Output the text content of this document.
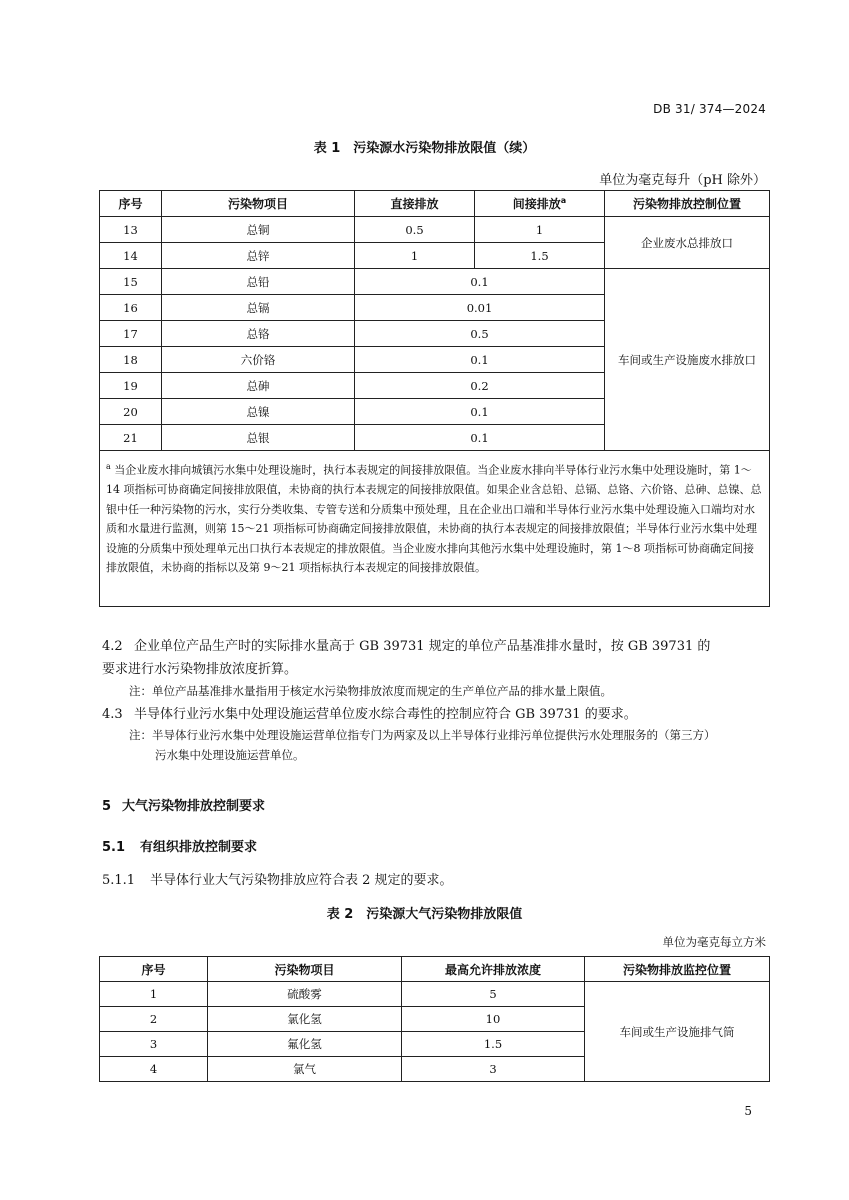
DB 31/ 374—2024
表 1　污染源水污染物排放限值（续）
单位为毫克每升（pH 除外）
序号	污染物项目	直接排放	间接排放$^a$	污染物排放控制位置
13	总铜	0.5	1	企业废水总排放口
14	总锌	1	1.5	
15	总铅	0.1		车间或生产设施废水排放口
16	总镉	0.01		
17	总铬	0.5		
18	六价铬	0.1		
19	总砷	0.2		
20	总镍	0.1		
21	总银	0.1		
$^a$ 当企业废水排向城镇污水集中处理设施时，执行本表规定的间接排放限值。当企业废水排向半导体行业污水集中处理设施时，第 1～14 项指标可协商确定间接排放限值，未协商的执行本表规定的间接排放限值。如果企业含总铅、总镉、总铬、六价铬、总砷、总镍、总银中任一种污染物的污水，实行分类收集、专管专送和分质集中预处理，且在企业出口端和半导体行业污水集中处理设施入口端均对水质和水量进行监测，则第 15～21 项指标可协商确定间接排放限值，未协商的执行本表规定的间接排放限值；半导体行业污水集中处理设施的分质集中预处理单元出口执行本表规定的排放限值。当企业废水排向其他污水集中处理设施时，第 1～8 项指标可协商确定间接排放限值，未协商的指标以及第 9～21 项指标执行本表规定的间接排放限值。				
4.2 企业单位产品生产时的实际排水量高于 GB 39731 规定的单位产品基准排水量时，按 GB 39731 的
要求进行水污染物排放浓度折算。
注：单位产品基准排水量指用于核定水污染物排放浓度而规定的生产单位产品的排水量上限值。
4.3 半导体行业污水集中处理设施运营单位废水综合毒性的控制应符合 GB 39731 的要求。
注：半导体行业污水集中处理设施运营单位指专门为两家及以上半导体行业排污单位提供污水处理服务的（第三方）
污水集中处理设施运营单位。
5 大气污染物排放控制要求
5.1 有组织排放控制要求
5.1.1 半导体行业大气污染物排放应符合表 2 规定的要求。
表 2　污染源大气污染物排放限值
单位为毫克每立方米
序号	污染物项目	最高允许排放浓度	污染物排放监控位置
1	硫酸雾	5	车间或生产设施排气筒
2	氯化氢	10	
3	氟化氢	1.5	
4	氯气	3	
5
